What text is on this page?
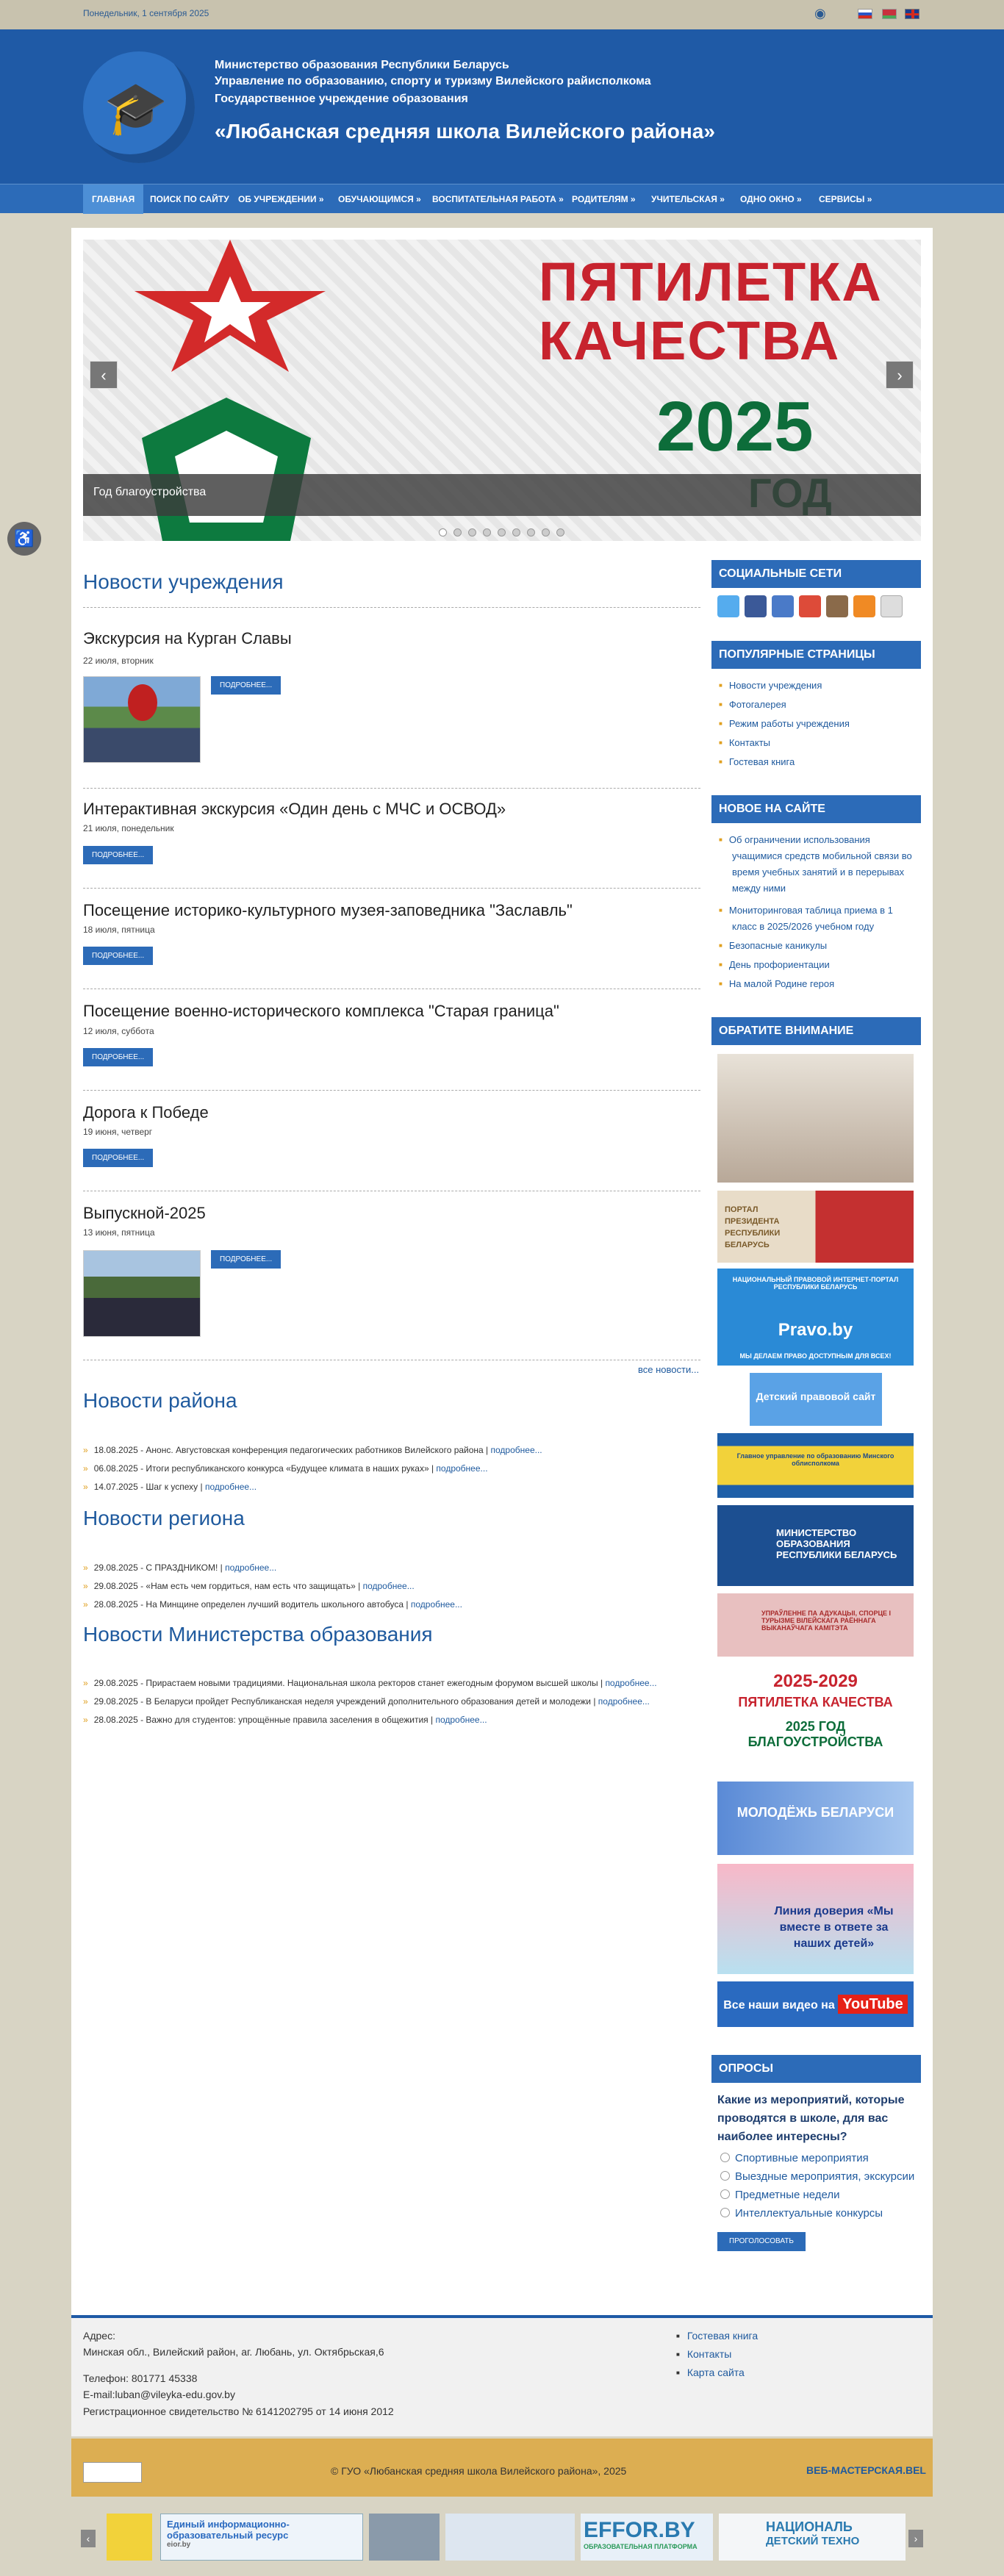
Понедельник, 1 сентября 2025	◉
🎓
Министерство образования Республики Беларусь
Управление по образованию, спорту и туризму Вилейского райисполкома
Государственное учреждение образования
«Любанская средняя школа Вилейского района»
ГЛАВНАЯ	ПОИСК ПО САЙТУ	ОБ УЧРЕЖДЕНИИ »	ОБУЧАЮЩИМСЯ »	ВОСПИТАТЕЛЬНАЯ РАБОТА » РОДИТЕЛЯМ »	УЧИТЕЛЬСКАЯ »	ОДНО ОКНО »	СЕРВИСЫ »
♿
ПЯТИЛЕТКА
КАЧЕСТВА
2025
Год благоустройства
‹	›
Новости учреждения
Экскурсия на Курган Славы
22 июля, вторник
ПОДРОБНЕЕ...
Интерактивная экскурсия «Один день с МЧС и ОСВОД»
21 июля, понедельник
ПОДРОБНЕЕ...
Посещение историко-культурного музея-заповедника "Заславль"
18 июля, пятница
ПОДРОБНЕЕ...
Посещение военно-исторического комплекса "Старая граница"
12 июля, суббота
ПОДРОБНЕЕ...
Дорога к Победе
19 июня, четверг
ПОДРОБНЕЕ...
Выпускной-2025
13 июня, пятница
ПОДРОБНЕЕ...
все новости...
Новости района
» 18.08.2025 - Анонс. Августовская конференция педагогических работников Вилейского района | подробнее...
» 06.08.2025 - Итоги республиканского конкурса «Будущее климата в наших руках» | подробнее...
» 14.07.2025 - Шаг к успеху | подробнее...
Новости региона
» 29.08.2025 - С ПРАЗДНИКОМ! | подробнее...
» 29.08.2025 - «Нам есть чем гордиться, нам есть что защищать» | подробнее...
» 28.08.2025 - На Минщине определен лучший водитель школьного автобуса | подробнее...
Новости Министерства образования
» 29.08.2025 - Прирастаем новыми традициями. Национальная школа ректоров станет ежегодным форумом высшей школы | подробнее...
» 29.08.2025 - В Беларуси пройдет Республиканская неделя учреждений дополнительного образования детей и молодежи | подробнее...
» 28.08.2025 - Важно для студентов: упрощённые правила заселения в общежития | подробнее...
СОЦИАЛЬНЫЕ СЕТИ
ПОПУЛЯРНЫЕ СТРАНИЦЫ
■ Новости учреждения
■ Фотогалерея
■ Режим работы учреждения
■ Контакты
■ Гостевая книга
НОВОЕ НА САЙТЕ
■ Об ограничении использования учащимися средств мобильной связи во время учебных занятий и в перерывах между ними
■ Мониторинговая таблица приема в 1 класс в 2025/2026 учебном году
■ Безопасные каникулы
■ День профориентации
■ На малой Родине героя
ОБРАТИТЕ ВНИМАНИЕ
ПОРТАЛ ПРЕЗИДЕНТА РЕСПУБЛИКИ БЕЛАРУСЬ
НАЦИОНАЛЬНЫЙ ПРАВОВОЙ ИНТЕРНЕТ-ПОРТАЛ РЕСПУБЛИКИ БЕЛАРУСЬ
Pravo.by
МЫ ДЕЛАЕМ ПРАВО ДОСТУПНЫМ ДЛЯ ВСЕХ!
Детский правовой сайт
Главное управление по образованию Минского облисполкома
МИНИСТЕРСТВО ОБРАЗОВАНИЯ РЕСПУБЛИКИ БЕЛАРУСЬ
УПРАЎЛЕННЕ ПА АДУКАЦЫІ, СПОРЦЕ І ТУРЫЗМЕ ВІЛЕЙСКАГА РАЁННАГА ВЫКАНАЎЧАГА КАМІТЭТА
2025-2029
ПЯТИЛЕТКА КАЧЕСТВА
2025 ГОД БЛАГОУСТРОЙСТВА
МОЛОДЁЖЬ БЕЛАРУСИ
Линия доверия «Мы вместе в ответе за наших детей»
Все наши видео на YouTube
ОПРОСЫ
Какие из мероприятий, которые проводятся в школе, для вас наиболее интересны?
Спортивные мероприятия
Выездные мероприятия, экскурсии
Предметные недели
Интеллектуальные конкурсы
ПРОГОЛОСОВАТЬ
Адрес:
Минская обл., Вилейский район, аг. Любань, ул. Октябрьская,6
Телефон: 801771 45338
E-mail:luban@vileyka-edu.gov.by
Регистрационное свидетельство № 6141202795 от 14 июня 2012
■ Гостевая книга
■ Контакты
■ Карта сайта
© ГУО «Любанская средняя школа Вилейского района», 2025	ВЕБ-МАСТЕРСКАЯ.BEL
‹	›
Единый информационно-
образовательный ресурс
eior.by
EFFOR.BY
ОБРАЗОВАТЕЛЬНАЯ ПЛАТФОРМА
НАЦИОНАЛЬ
ДЕТСКИЙ ТЕХНО
